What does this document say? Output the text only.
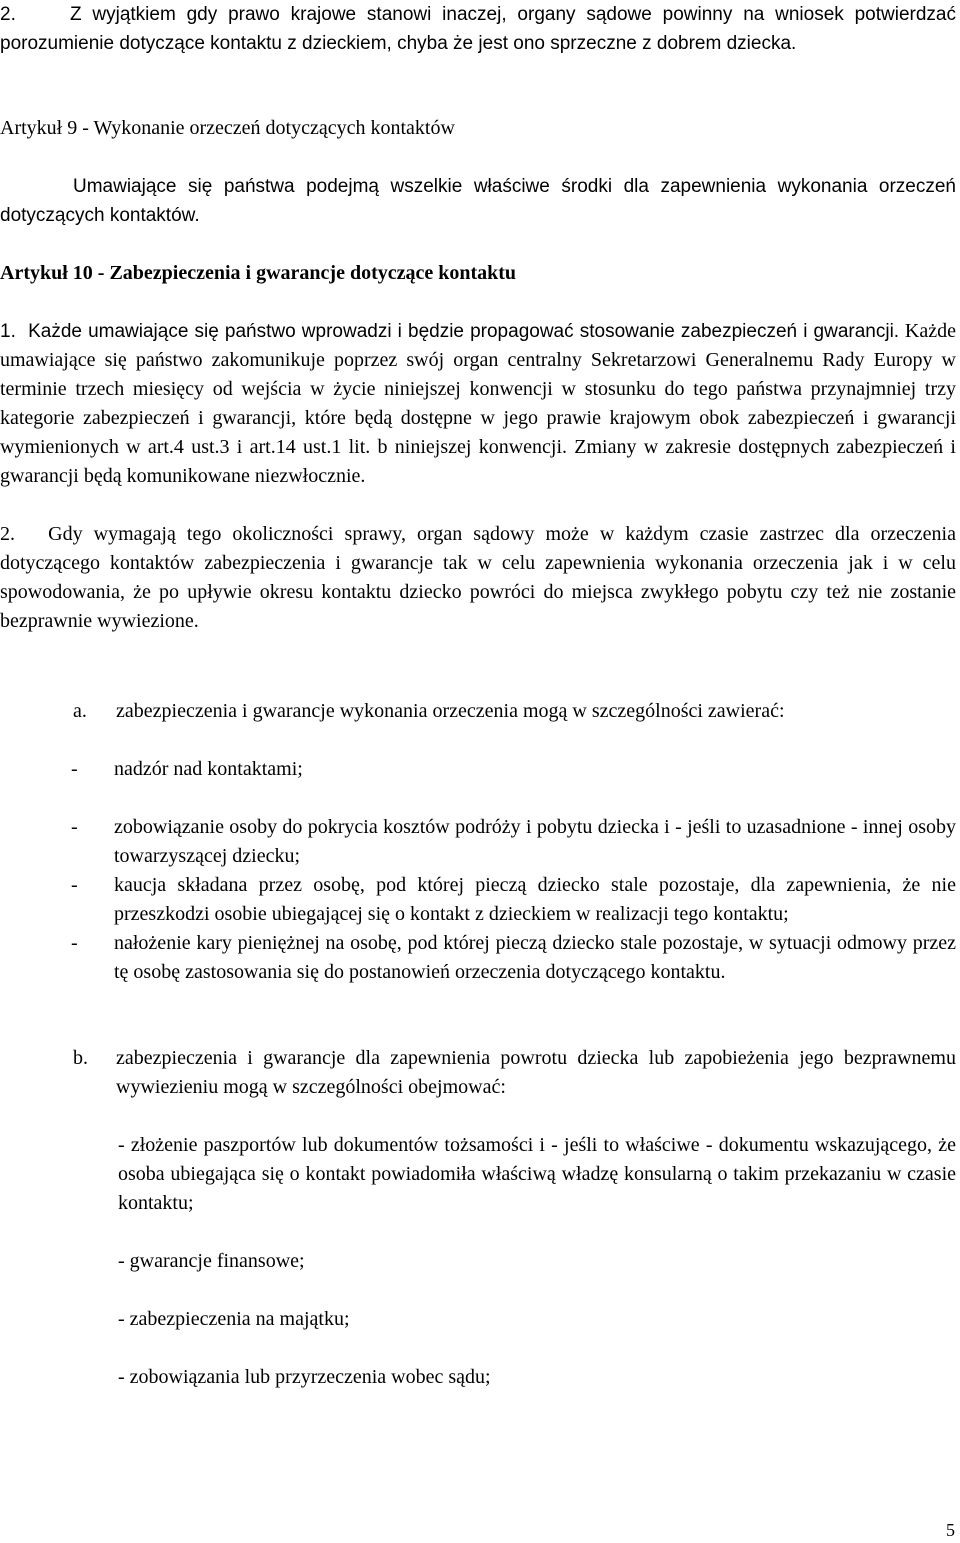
2.     Z wyjątkiem gdy prawo krajowe stanowi inaczej, organy sądowe powinny na wniosek potwierdzać porozumienie dotyczące kontaktu z dzieckiem, chyba że jest ono sprzeczne z dobrem dziecka.

Artykuł 9 - Wykonanie orzeczeń dotyczących kontaktów

Umawiające się państwa podejmą wszelkie właściwe środki dla zapewnienia wykonania orzeczeń dotyczących kontaktów.

Artykuł 10 - Zabezpieczenia i gwarancje dotyczące kontaktu

1.  Każde umawiające się państwo wprowadzi i będzie propagować stosowanie zabezpieczeń i gwarancji. Każde umawiające się państwo zakomunikuje poprzez swój organ centralny Sekretarzowi Generalnemu Rady Europy w terminie trzech miesięcy od wejścia w życie niniejszej konwencji w stosunku do tego państwa przynajmniej trzy kategorie zabezpieczeń i gwarancji, które będą dostępne w jego prawie krajowym obok zabezpieczeń i gwarancji wymienionych w art.4 ust.3 i art.14 ust.1 lit. b niniejszej konwencji. Zmiany w zakresie dostępnych zabezpieczeń i gwarancji będą komunikowane niezwłocznie.

2.   Gdy wymagają tego okoliczności sprawy, organ sądowy może w każdym czasie zastrzec dla orzeczenia dotyczącego kontaktów zabezpieczenia i gwarancje tak w celu zapewnienia wykonania orzeczenia jak i w celu spowodowania, że po upływie okresu kontaktu dziecko powróci do miejsca zwykłego pobytu czy też nie zostanie bezprawnie wywiezione.

a. zabezpieczenia i gwarancje wykonania orzeczenia mogą w szczególności zawierać:

- nadzór nad kontaktami;

- zobowiązanie osoby do pokrycia kosztów podróży i pobytu dziecka i - jeśli to uzasadnione - innej osoby towarzyszącej dziecku;

- kaucja składana przez osobę, pod której pieczą dziecko stale pozostaje, dla zapewnienia, że nie przeszkodzi osobie ubiegającej się o kontakt z dzieckiem w realizacji tego kontaktu;

- nałożenie kary pieniężnej na osobę, pod której pieczą dziecko stale pozostaje, w sytuacji odmowy przez tę osobę zastosowania się do postanowień orzeczenia dotyczącego kontaktu.

b. zabezpieczenia i gwarancje dla zapewnienia powrotu dziecka lub zapobieżenia jego bezprawnemu wywiezieniu mogą w szczególności obejmować:

- złożenie paszportów lub dokumentów tożsamości i - jeśli to właściwe - dokumentu wskazującego, że osoba ubiegająca się o kontakt powiadomiła właściwą władzę konsularną o takim przekazaniu w czasie kontaktu;

- gwarancje finansowe;

- zabezpieczenia na majątku;

- zobowiązania lub przyrzeczenia wobec sądu;

5
